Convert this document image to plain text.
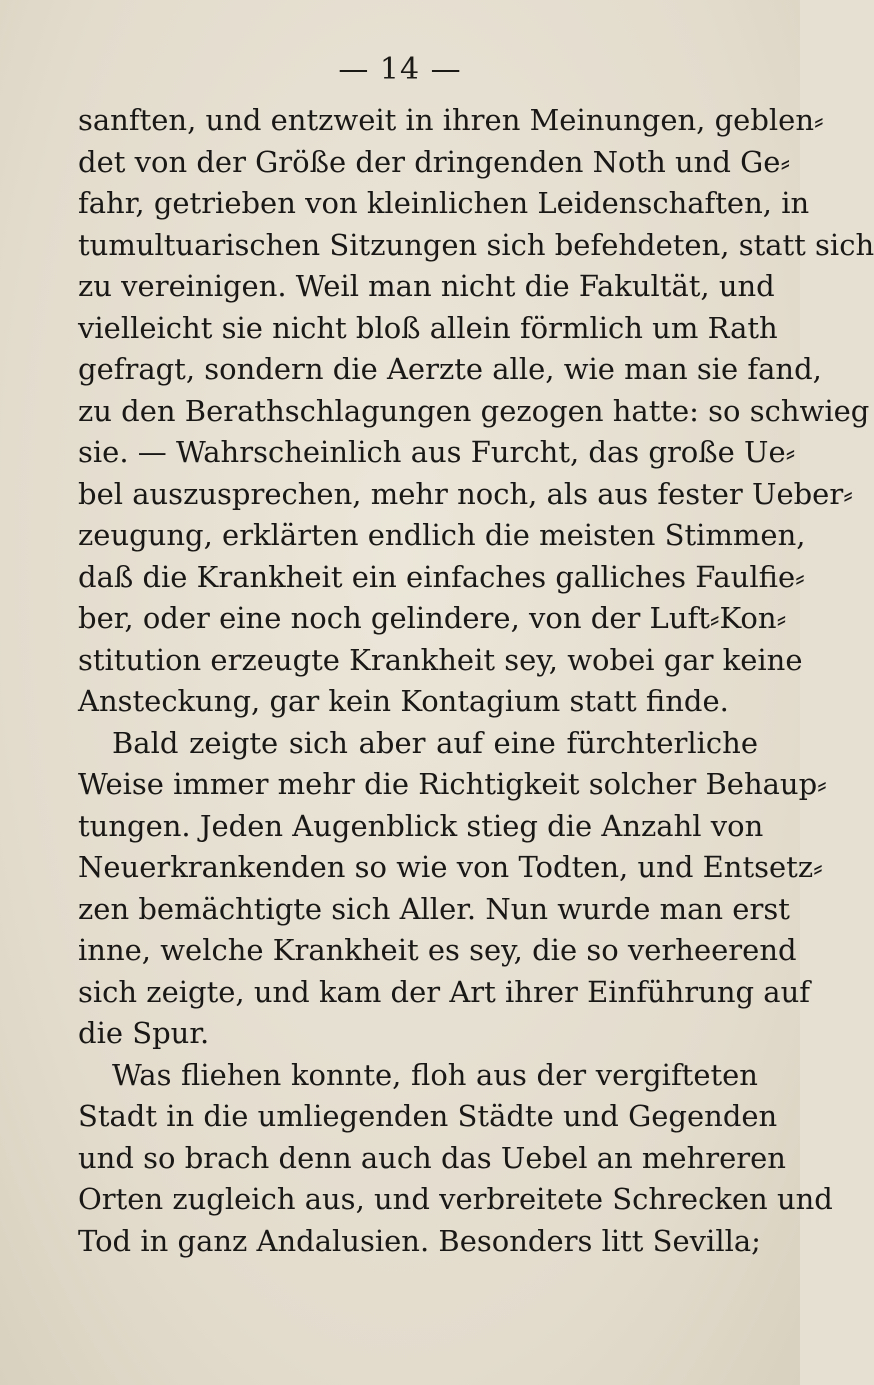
— 14 —
sanften, und entzweit in ihren Meinungen, geblen⸗
det von der Größe der dringenden Noth und Ge⸗
fahr, getrieben von kleinlichen Leidenschaften, in
tumultuarischen Sitzungen sich befehdeten, statt sich
zu vereinigen. Weil man nicht die Fakultät, und
vielleicht sie nicht bloß allein förmlich um Rath
gefragt, sondern die Aerzte alle, wie man sie fand,
zu den Berathschlagungen gezogen hatte: so schwieg
sie. — Wahrscheinlich aus Furcht, das große Ue⸗
bel auszusprechen, mehr noch, als aus fester Ueber⸗
zeugung, erklärten endlich die meisten Stimmen,
daß die Krankheit ein einfaches galliches Faulfie⸗
ber, oder eine noch gelindere, von der Luft⸗Kon⸗
stitution erzeugte Krankheit sey, wobei gar keine
Ansteckung, gar kein Kontagium statt finde.
Bald zeigte sich aber auf eine fürchterliche
Weise immer mehr die Richtigkeit solcher Behaup⸗
tungen. Jeden Augenblick stieg die Anzahl von
Neuerkrankenden so wie von Todten, und Entsetz⸗
zen bemächtigte sich Aller. Nun wurde man erst
inne, welche Krankheit es sey, die so verheerend
sich zeigte, und kam der Art ihrer Einführung auf
die Spur.
Was fliehen konnte, floh aus der vergifteten
Stadt in die umliegenden Städte und Gegenden
und so brach denn auch das Uebel an mehreren
Orten zugleich aus, und verbreitete Schrecken und
Tod in ganz Andalusien. Besonders litt Sevilla;
